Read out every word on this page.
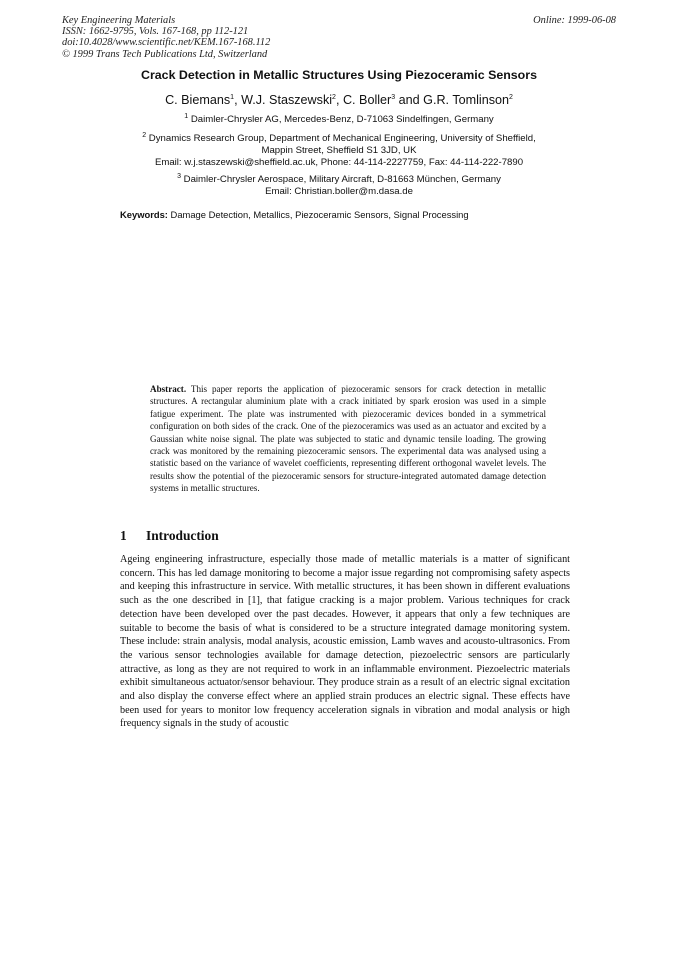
Key Engineering Materials
ISSN: 1662-9795, Vols. 167-168, pp 112-121
doi:10.4028/www.scientific.net/KEM.167-168.112
© 1999 Trans Tech Publications Ltd, Switzerland
Online: 1999-06-08
Crack Detection in Metallic Structures Using Piezoceramic Sensors
C. Biemans$^1$, W.J. Staszewski$^2$, C. Boller$^3$ and G.R. Tomlinson$^2$
$^1$ Daimler-Chrysler AG, Mercedes-Benz, D-71063 Sindelfingen, Germany
$^2$ Dynamics Research Group, Department of Mechanical Engineering, University of Sheffield,
Mappin Street, Sheffield S1 3JD, UK
Email: w.j.staszewski@sheffield.ac.uk, Phone: 44-114-2227759, Fax: 44-114-222-7890
$^3$ Daimler-Chrysler Aerospace, Military Aircraft, D-81663 München, Germany
Email: Christian.boller@m.dasa.de
Keywords: Damage Detection, Metallics, Piezoceramic Sensors, Signal Processing
Abstract. This paper reports the application of piezoceramic sensors for crack detection in metallic structures. A rectangular aluminium plate with a crack initiated by spark erosion was used in a simple fatigue experiment. The plate was instrumented with piezoceramic devices bonded in a symmetrical configuration on both sides of the crack. One of the piezoceramics was used as an actuator and excited by a Gaussian white noise signal. The plate was subjected to static and dynamic tensile loading. The growing crack was monitored by the remaining piezoceramic sensors. The experimental data was analysed using a statistic based on the variance of wavelet coefficients, representing different orthogonal wavelet levels. The results show the potential of the piezoceramic sensors for structure-integrated automated damage detection systems in metallic structures.
1 Introduction
Ageing engineering infrastructure, especially those made of metallic materials is a matter of significant concern. This has led damage monitoring to become a major issue regarding not compromising safety aspects and keeping this infrastructure in service. With metallic structures, it has been shown in different evaluations such as the one described in [1], that fatigue cracking is a major problem. Various techniques for crack detection have been developed over the past decades. However, it appears that only a few techniques are suitable to become the basis of what is considered to be a structure integrated damage monitoring system. These include: strain analysis, modal analysis, acoustic emission, Lamb waves and acousto-ultrasonics. From the various sensor technologies available for damage detection, piezoelectric sensors are particularly attractive, as long as they are not required to work in an inflammable environment. Piezoelectric materials exhibit simultaneous actuator/sensor behaviour. They produce strain as a result of an electric signal excitation and also display the converse effect where an applied strain produces an electric signal. These effects have been used for years to monitor low frequency acceleration signals in vibration and modal analysis or high frequency signals in the study of acoustic
